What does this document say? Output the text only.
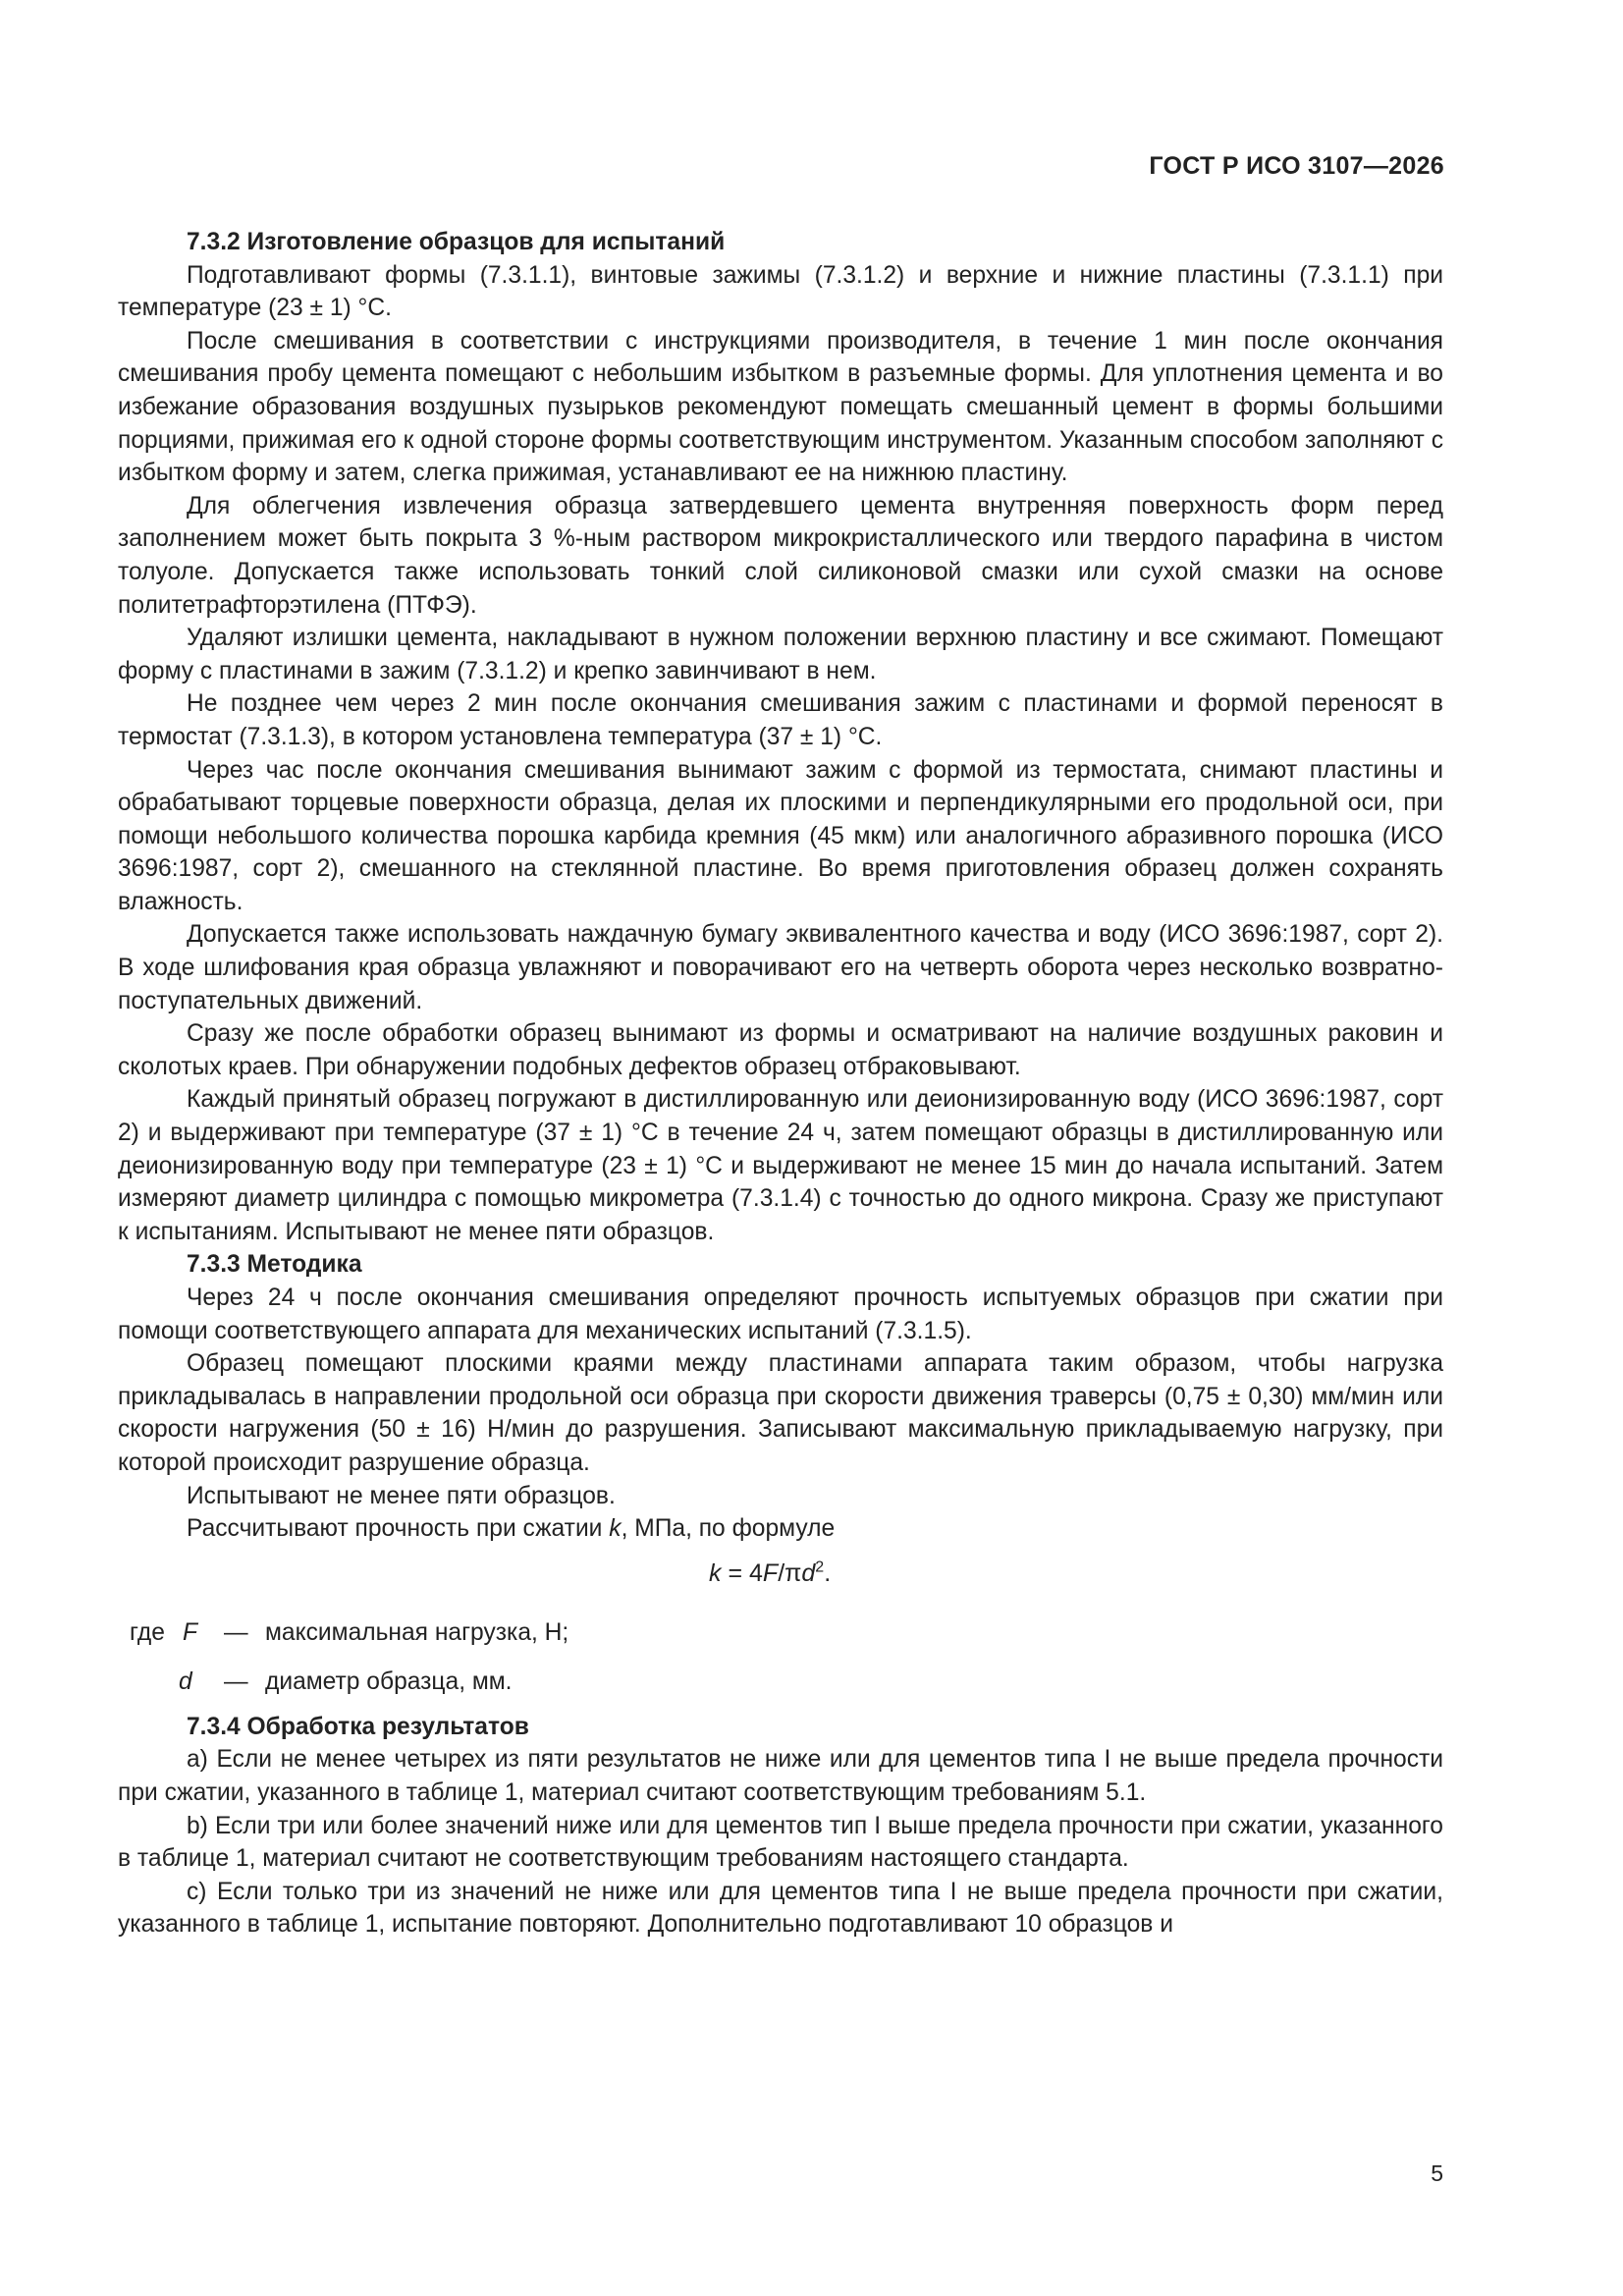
ГОСТ Р ИСО 3107—2026

7.3.2 Изготовление образцов для испытаний

Подготавливают формы (7.3.1.1), винтовые зажимы (7.3.1.2) и верхние и нижние пластины (7.3.1.1) при температуре (23 ± 1) °С.

После смешивания в соответствии с инструкциями производителя, в течение 1 мин после окончания смешивания пробу цемента помещают с небольшим избытком в разъемные формы. Для уплотнения цемента и во избежание образования воздушных пузырьков рекомендуют помещать смешанный цемент в формы большими порциями, прижимая его к одной стороне формы соответствующим инструментом. Указанным способом заполняют с избытком форму и затем, слегка прижимая, устанавливают ее на нижнюю пластину.

Для облегчения извлечения образца затвердевшего цемента внутренняя поверхность форм перед заполнением может быть покрыта 3 %-ным раствором микрокристаллического или твердого парафина в чистом толуоле. Допускается также использовать тонкий слой силиконовой смазки или сухой смазки на основе политетрафторэтилена (ПТФЭ).

Удаляют излишки цемента, накладывают в нужном положении верхнюю пластину и все сжимают. Помещают форму с пластинами в зажим (7.3.1.2) и крепко завинчивают в нем.

Не позднее чем через 2 мин после окончания смешивания зажим с пластинами и формой переносят в термостат (7.3.1.3), в котором установлена температура (37 ± 1) °С.

Через час после окончания смешивания вынимают зажим с формой из термостата, снимают пластины и обрабатывают торцевые поверхности образца, делая их плоскими и перпендикулярными его продольной оси, при помощи небольшого количества порошка карбида кремния (45 мкм) или аналогичного абразивного порошка (ИСО 3696:1987, сорт 2), смешанного на стеклянной пластине. Во время приготовления образец должен сохранять влажность.

Допускается также использовать наждачную бумагу эквивалентного качества и воду (ИСО 3696:1987, сорт 2). В ходе шлифования края образца увлажняют и поворачивают его на четверть оборота через несколько возвратно-поступательных движений.

Сразу же после обработки образец вынимают из формы и осматривают на наличие воздушных раковин и сколотых краев. При обнаружении подобных дефектов образец отбраковывают.

Каждый принятый образец погружают в дистиллированную или деионизированную воду (ИСО 3696:1987, сорт 2) и выдерживают при температуре (37 ± 1) °С в течение 24 ч, затем помещают образцы в дистиллированную или деионизированную воду при температуре (23 ± 1) °С и выдерживают не менее 15 мин до начала испытаний. Затем измеряют диаметр цилиндра с помощью микрометра (7.3.1.4) с точностью до одного микрона. Сразу же приступают к испытаниям. Испытывают не менее пяти образцов.

7.3.3 Методика

Через 24 ч после окончания смешивания определяют прочность испытуемых образцов при сжатии при помощи соответствующего аппарата для механических испытаний (7.3.1.5).

Образец помещают плоскими краями между пластинами аппарата таким образом, чтобы нагрузка прикладывалась в направлении продольной оси образца при скорости движения траверсы (0,75 ± 0,30) мм/мин или скорости нагружения (50 ± 16) Н/мин до разрушения. Записывают максимальную прикладываемую нагрузку, при которой происходит разрушение образца.

Испытывают не менее пяти образцов.

Рассчитывают прочность при сжатии k, МПа, по формуле

$k = 4F/\pi d^2$.
где F — максимальная нагрузка, Н;
d — диаметр образца, мм.

7.3.4 Обработка результатов

а) Если не менее четырех из пяти результатов не ниже или для цементов типа I не выше предела прочности при сжатии, указанного в таблице 1, материал считают соответствующим требованиям 5.1.

b) Если три или более значений ниже или для цементов тип I выше предела прочности при сжатии, указанного в таблице 1, материал считают не соответствующим требованиям настоящего стандарта.

с) Если только три из значений не ниже или для цементов типа I не выше предела прочности при сжатии, указанного в таблице 1, испытание повторяют. Дополнительно подготавливают 10 образцов и

5
